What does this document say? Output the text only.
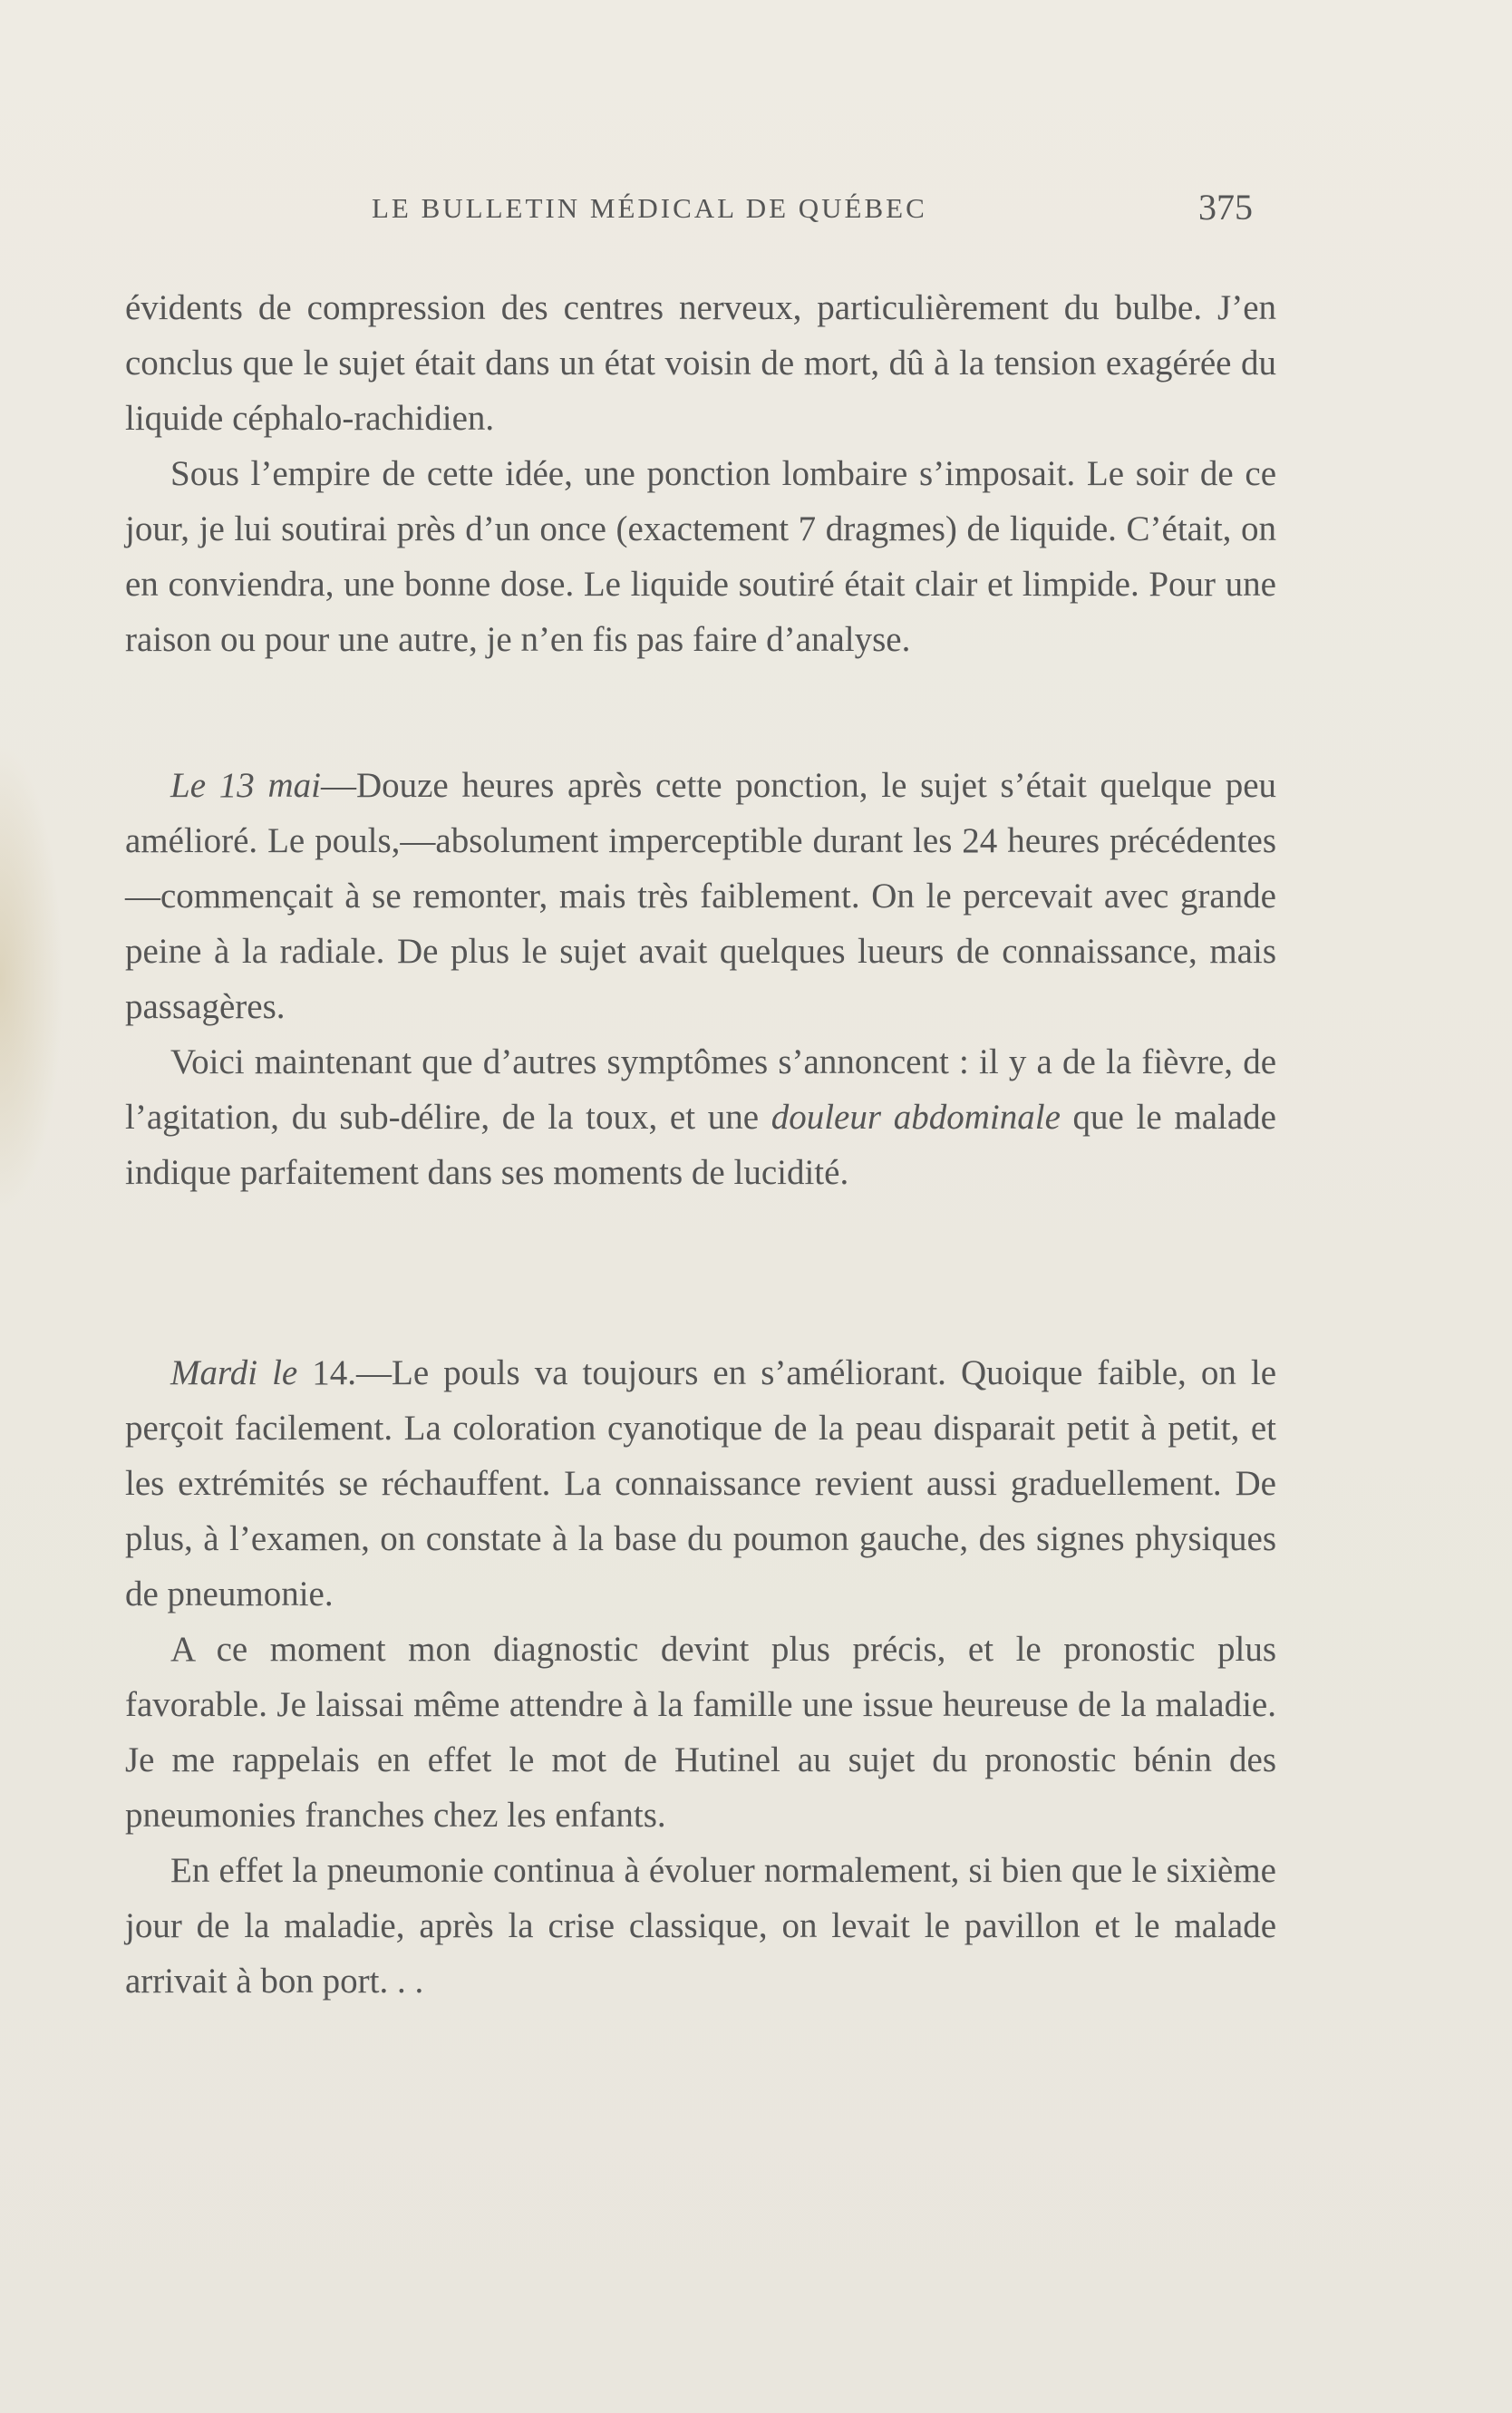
LE BULLETIN MÉDICAL DE QUÉBEC	375

évidents de compression des centres nerveux, particulièrement du bulbe. J’en conclus que le sujet était dans un état voisin de mort, dû à la tension exagérée du liquide céphalo-rachidien.

Sous l’empire de cette idée, une ponction lombaire s’imposait. Le soir de ce jour, je lui soutirai près d’un once (exactement 7 dragmes) de liquide. C’était, on en conviendra, une bonne dose. Le liquide soutiré était clair et limpide. Pour une raison ou pour une autre, je n’en fis pas faire d’analyse.

Le 13 mai—Douze heures après cette ponction, le sujet s’était quelque peu amélioré. Le pouls,—absolument imperceptible durant les 24 heures précédentes—commençait à se remonter, mais très faiblement. On le percevait avec grande peine à la radiale. De plus le sujet avait quelques lueurs de connaissance, mais passagères.

Voici maintenant que d’autres symptômes s’annoncent : il y a de la fièvre, de l’agitation, du sub-délire, de la toux, et une douleur abdominale que le malade indique parfaitement dans ses moments de lucidité.

Mardi le 14.—Le pouls va toujours en s’améliorant. Quoique faible, on le perçoit facilement. La coloration cyanotique de la peau disparait petit à petit, et les extrémités se réchauffent. La connaissance revient aussi graduellement. De plus, à l’examen, on constate à la base du poumon gauche, des signes physiques de pneumonie.

A ce moment mon diagnostic devint plus précis, et le pronostic plus favorable. Je laissai même attendre à la famille une issue heureuse de la maladie. Je me rappelais en effet le mot de Hutinel au sujet du pronostic bénin des pneumonies franches chez les enfants.

En effet la pneumonie continua à évoluer normalement, si bien que le sixième jour de la maladie, après la crise classique, on levait le pavillon et le malade arrivait à bon port. . .
